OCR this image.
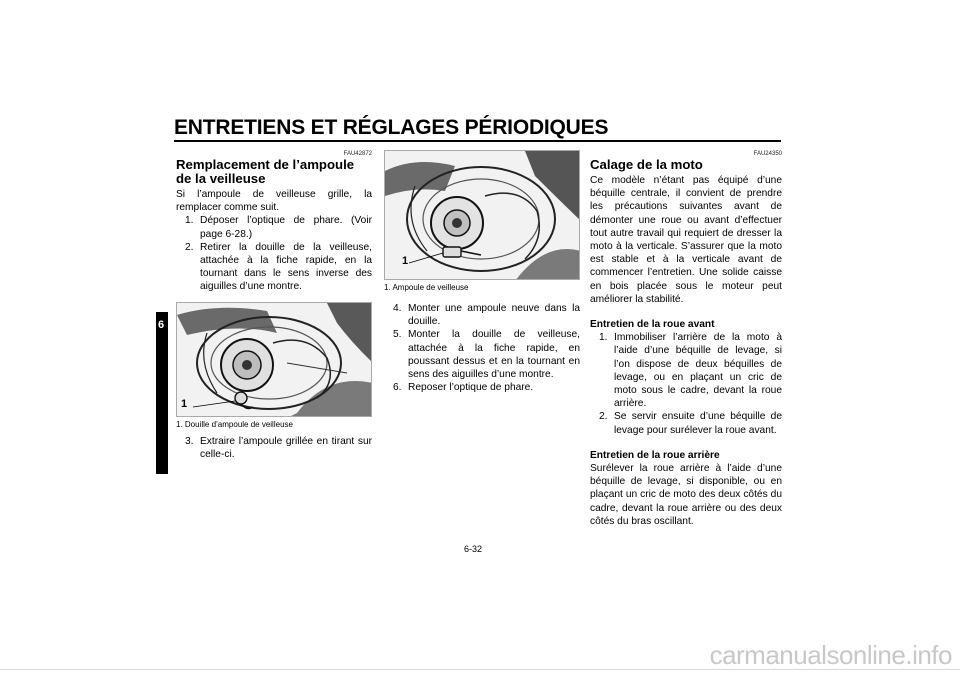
ENTRETIENS ET RÉGLAGES PÉRIODIQUES
6
FAU42872
Remplacement de l’ampoule de la veilleuse

Si l’ampoule de veilleuse grille, la remplacer comme suit.

1. Déposer l’optique de phare. (Voir page 6-28.)
2. Retirer la douille de la veilleuse, attachée à la fiche rapide, en la tournant dans le sens inverse des aiguilles d’une montre.
1
1. Douille d’ampoule de veilleuse
3. Extraire l’ampoule grillée en tirant sur celle-ci.
1
1. Ampoule de veilleuse
4. Monter une ampoule neuve dans la douille.
5. Monter la douille de veilleuse, attachée à la fiche rapide, en poussant dessus et en la tournant en sens des aiguilles d’une montre.
6. Reposer l’optique de phare.
FAU24350
Calage de la moto

Ce modèle n’étant pas équipé d’une béquille centrale, il convient de prendre les précautions suivantes avant de démonter une roue ou avant d’effectuer tout autre travail qui requiert de dresser la moto à la verticale. S’assurer que la moto est stable et à la verticale avant de commencer l’entretien. Une solide caisse en bois placée sous le moteur peut améliorer la stabilité.

Entretien de la roue avant
1. Immobiliser l’arrière de la moto à l’aide d’une béquille de levage, si l’on dispose de deux béquilles de levage, ou en plaçant un cric de moto sous le cadre, devant la roue arrière.
2. Se servir ensuite d’une béquille de levage pour surélever la roue avant.
Entretien de la roue arrière

Surélever la roue arrière à l’aide d’une béquille de levage, si disponible, ou en plaçant un cric de moto des deux côtés du cadre, devant la roue arrière ou des deux côtés du bras oscillant.

6-32
carmanualsonline.info
